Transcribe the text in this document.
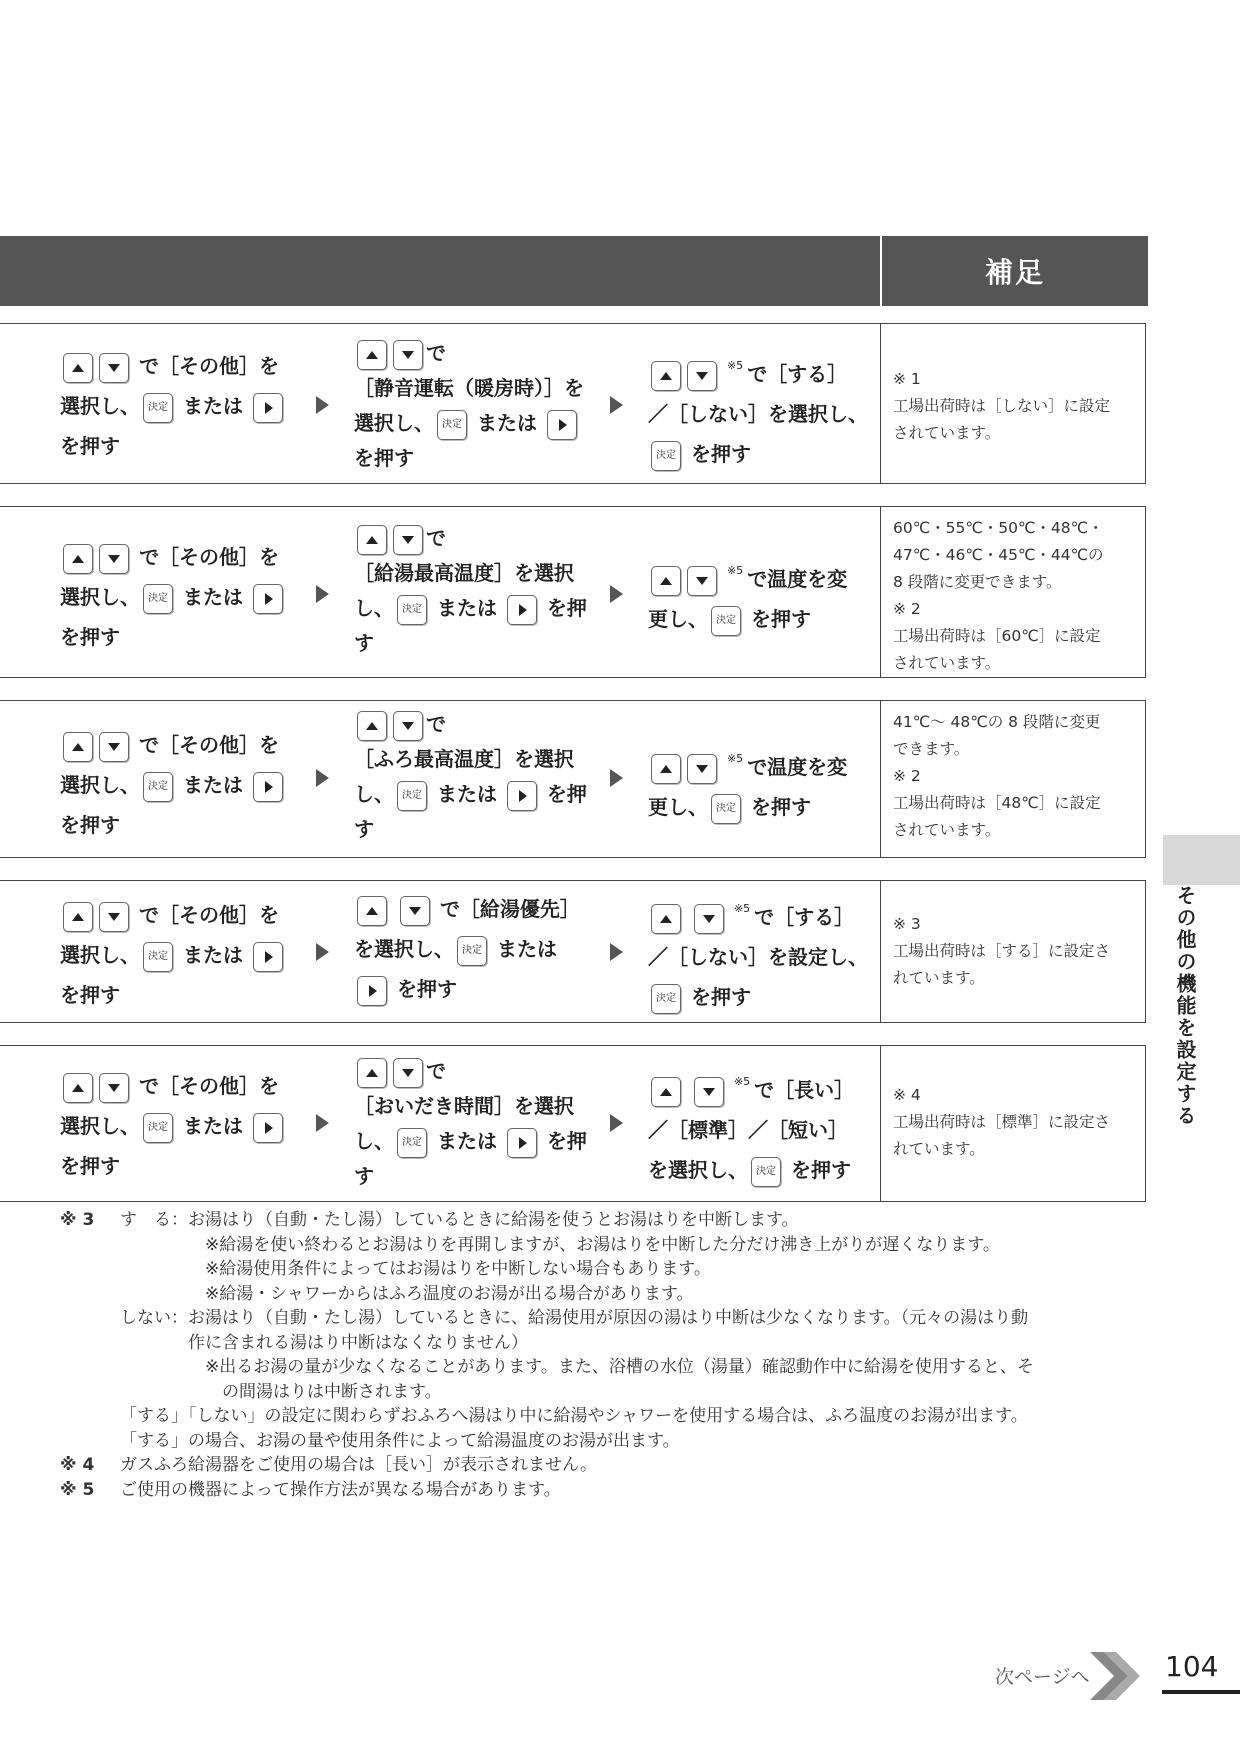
補足
で［その他］を
選択し、 決定 または
を押す
で
［静音運転（暖房時）］を
選択し、 決定 または
を押す
$^{※5}$ で［する］
／［しない］を選択し、
決定 を押す
※ 1
工場出荷時は［しない］に設定
されています。
で［その他］を
選択し、 決定 または
を押す
で
［給湯最高温度］を選択
し、 決定 または を押
す
$^{※5}$ で温度を変
更し、 決定 を押す
60℃・55℃・50℃・48℃・
47℃・46℃・45℃・44℃の
8 段階に変更できます。
※ 2
工場出荷時は［60℃］に設定
されています。
で［その他］を
選択し、 決定 または
を押す
で
［ふろ最高温度］を選択
し、 決定 または を押
す
$^{※5}$ で温度を変
更し、 決定 を押す
41℃～ 48℃の 8 段階に変更
できます。
※ 2
工場出荷時は［48℃］に設定
されています。
で［その他］を
選択し、 決定 または
を押す
で［給湯優先］
を選択し、 決定 または
を押す
$^{※5}$ で［する］
／［しない］を設定し、
決定 を押す
※ 3
工場出荷時は［する］に設定さ
れています。
で［その他］を
選択し、 決定 または
を押す
で
［おいだき時間］を選択
し、 決定 または を押
す
$^{※5}$ で［長い］
／［標準］／［短い］
を選択し、 決定 を押す
※ 4
工場出荷時は［標準］に設定さ
れています。
※ 3 す　る：お湯はり（自動・たし湯）しているときに給湯を使うとお湯はりを中断します。
　　　　　※給湯を使い終わるとお湯はりを再開しますが、お湯はりを中断した分だけ沸き上がりが遅くなります。
　　　　　※給湯使用条件によってはお湯はりを中断しない場合もあります。
　　　　　※給湯・シャワーからはふろ温度のお湯が出る場合があります。
しない：お湯はり（自動・たし湯）しているときに、給湯使用が原因の湯はり中断は少なくなります。（元々の湯はり動
　　　　作に含まれる湯はり中断はなくなりません）
　　　　　※出るお湯の量が少なくなることがあります。また、浴槽の水位（湯量）確認動作中に給湯を使用すると、そ
　　　　　　の間湯はりは中断されます。
「する」「しない」の設定に関わらずおふろへ湯はり中に給湯やシャワーを使用する場合は、ふろ温度のお湯が出ます。
「する」の場合、お湯の量や使用条件によって給湯温度のお湯が出ます。
※ 4 ガスふろ給湯器をご使用の場合は［長い］が表示されません。
※ 5 ご使用の機器によって操作方法が異なる場合があります。
その他の機能を設定する
次ページへ	104
